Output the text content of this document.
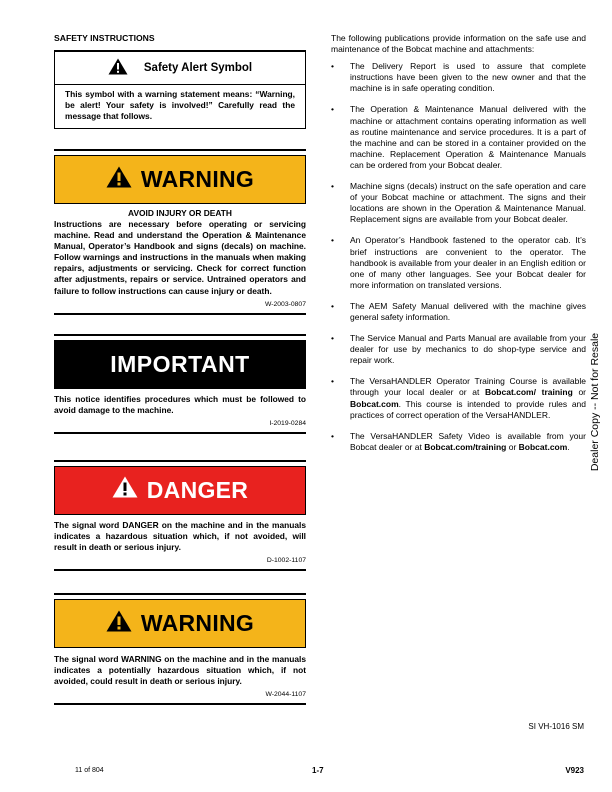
SAFETY INSTRUCTIONS
Safety Alert Symbol
This symbol with a warning statement means: “Warning, be alert! Your safety is involved!” Carefully read the message that follows.
WARNING
AVOID INJURY OR DEATH
Instructions are necessary before operating or servicing machine. Read and understand the Operation & Maintenance Manual, Operator’s Handbook and signs (decals) on machine. Follow warnings and instructions in the manuals when making repairs, adjustments or servicing. Check for correct function after adjustments, repairs or service. Untrained operators and failure to follow instructions can cause injury or death.
W-2003-0807
IMPORTANT
This notice identifies procedures which must be followed to avoid damage to the machine.
I-2019-0284
DANGER
The signal word DANGER on the machine and in the manuals indicates a hazardous situation which, if not avoided, will result in death or serious injury.
D-1002-1107
WARNING
The signal word WARNING on the machine and in the manuals indicates a potentially hazardous situation which, if not avoided, could result in death or serious injury.
W-2044-1107
The following publications provide information on the safe use and maintenance of the Bobcat machine and attachments:
• The Delivery Report is used to assure that complete instructions have been given to the new owner and that the machine is in safe operating condition.
• The Operation & Maintenance Manual delivered with the machine or attachment contains operating information as well as routine maintenance and service procedures. It is a part of the machine and can be stored in a container provided on the machine. Replacement Operation & Maintenance Manuals can be ordered from your Bobcat dealer.
• Machine signs (decals) instruct on the safe operation and care of your Bobcat machine or attachment. The signs and their locations are shown in the Operation & Maintenance Manual. Replacement signs are available from your Bobcat dealer.
• An Operator’s Handbook fastened to the operator cab. It’s brief instructions are convenient to the operator. The handbook is available from your dealer in an English edition or one of many other languages. See your Bobcat dealer for more information on translated versions.
• The AEM Safety Manual delivered with the machine gives general safety information.
• The Service Manual and Parts Manual are available from your dealer for use by mechanics to do shop-type service and repair work.
• The VersaHANDLER Operator Training Course is available through your local dealer or at Bobcat.com/ training or Bobcat.com. This course is intended to provide rules and practices of correct operation of the VersaHANDLER.
• The VersaHANDLER Safety Video is available from your Bobcat dealer or at Bobcat.com/training or Bobcat.com.	Dealer Copy -- Not for Resale
SI VH-1016 SM
11 of 804	1-7	V923
